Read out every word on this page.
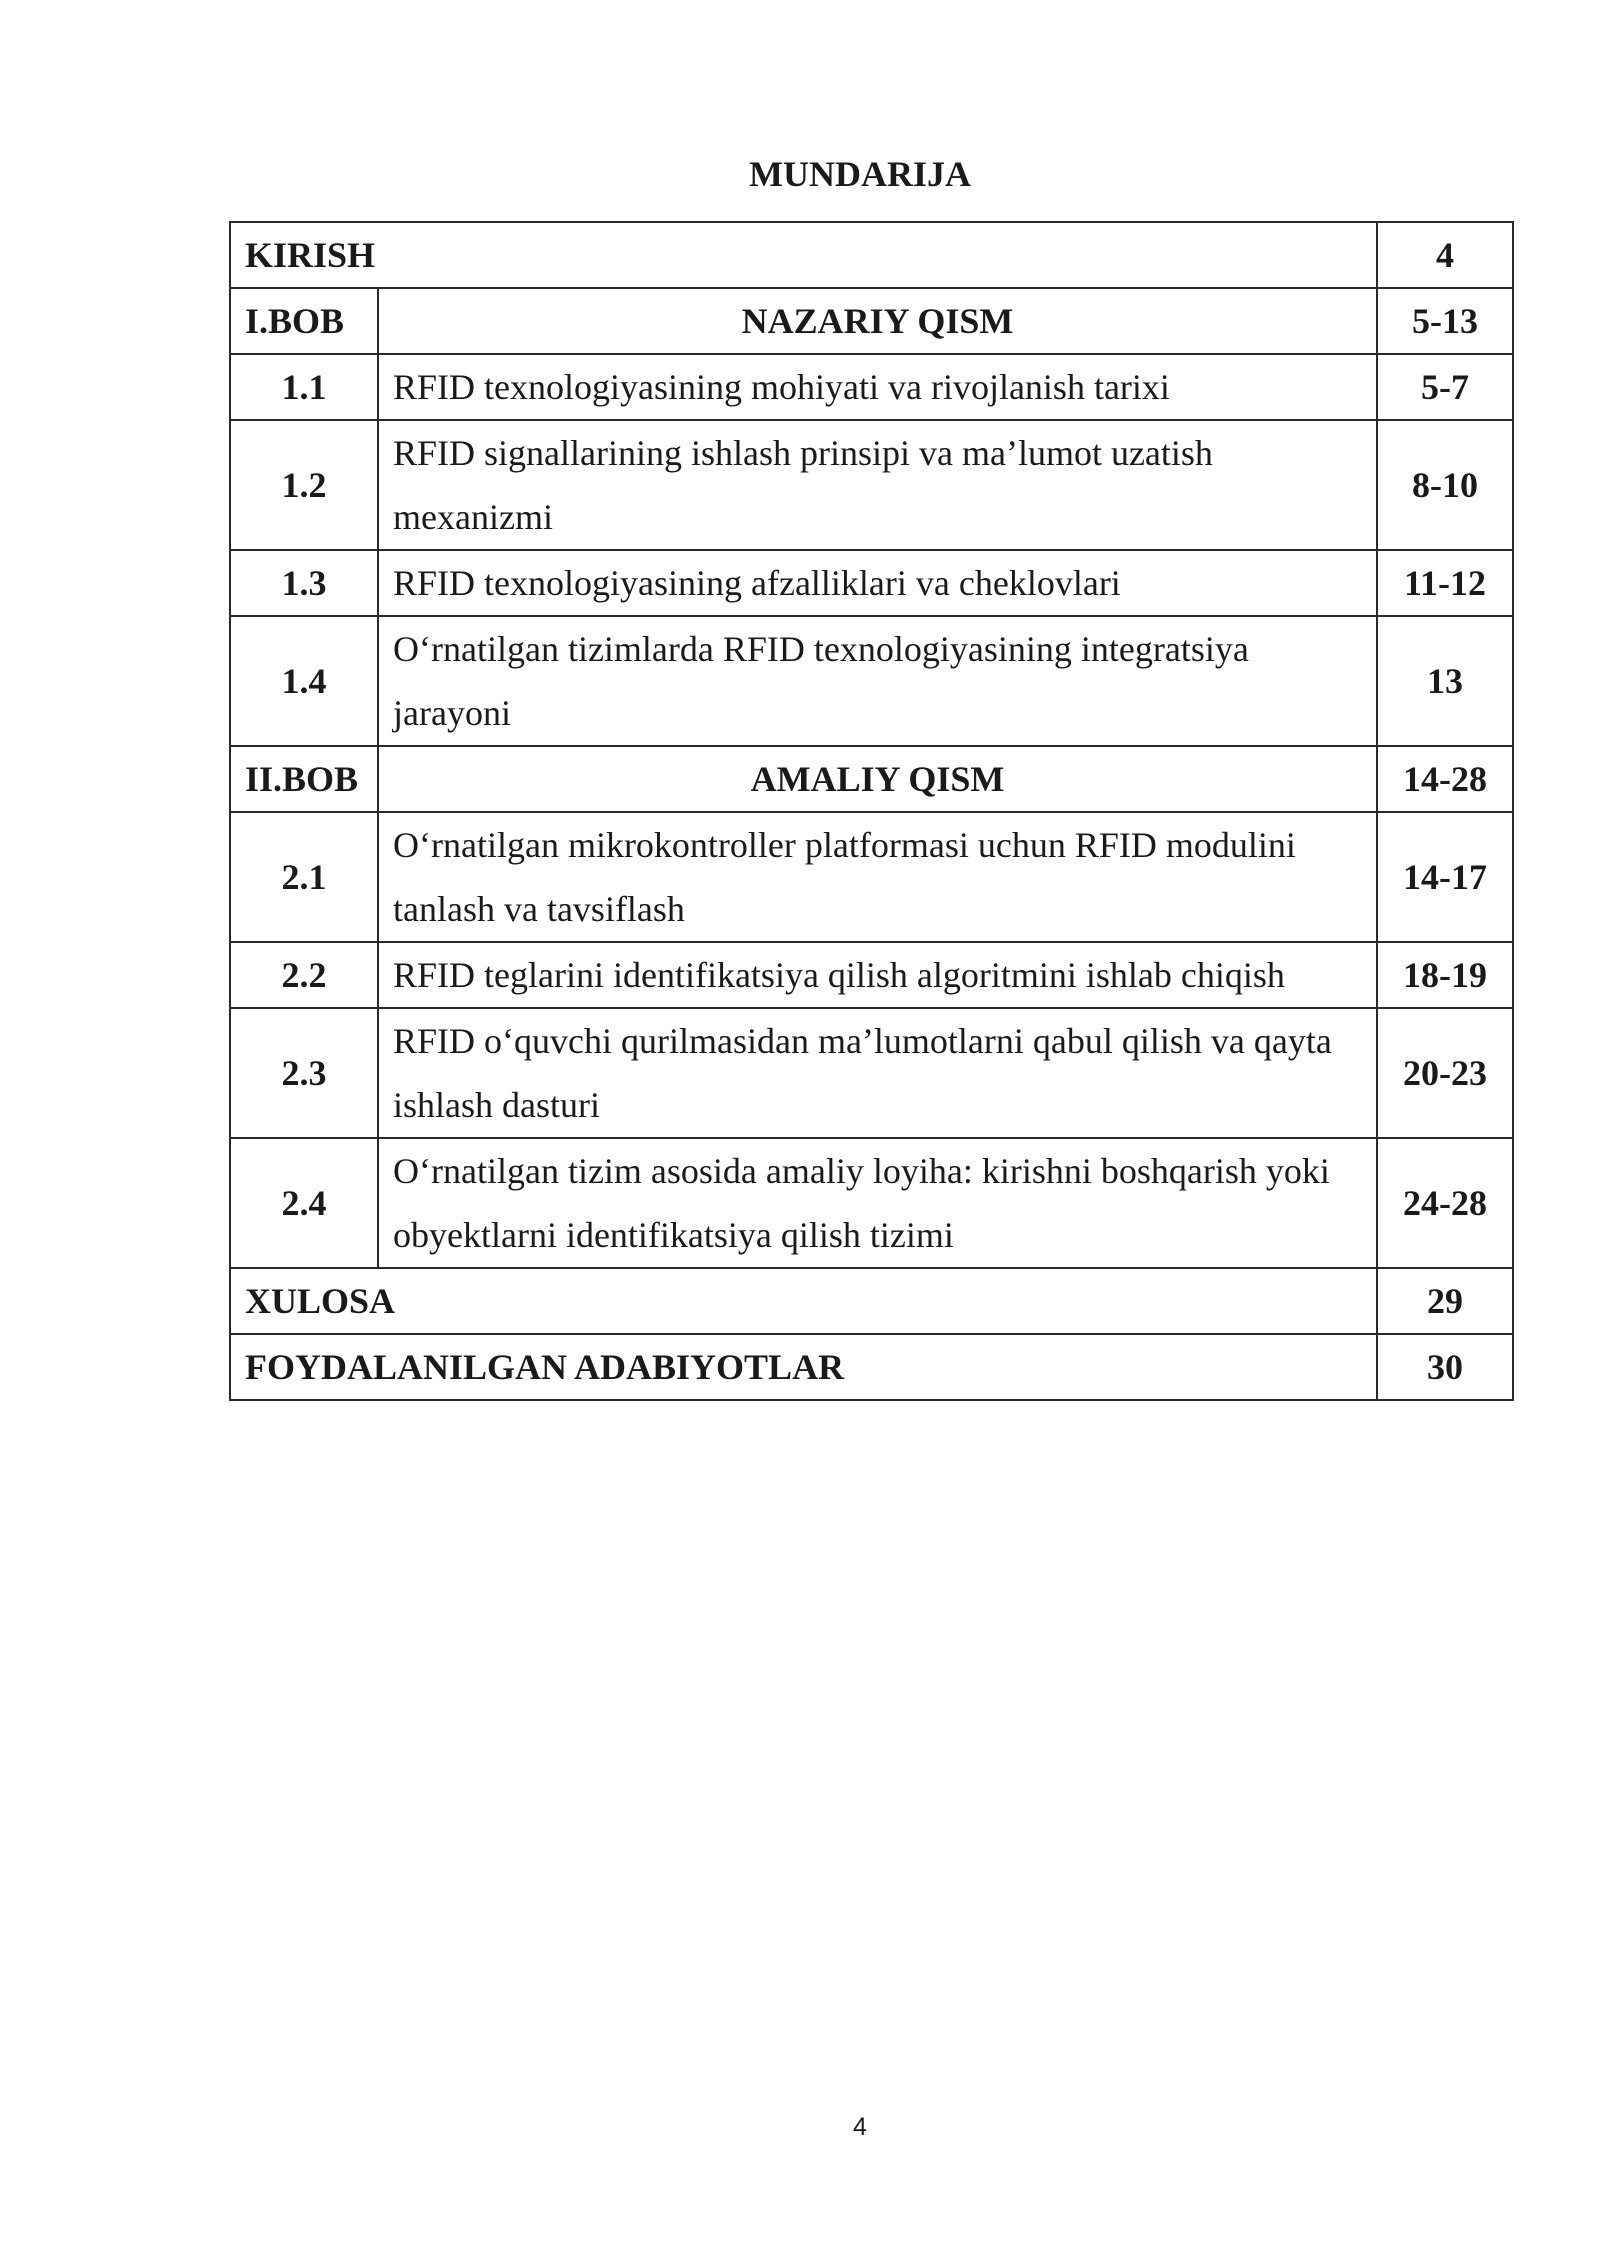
MUNDARIJA
KIRISH		4
I.BOB	NAZARIY QISM	5-13
1.1	RFID texnologiyasining mohiyati va rivojlanish tarixi	5-7
1.2	RFID signallarining ishlash prinsipi va ma’lumot uzatish mexanizmi	8-10
1.3	RFID texnologiyasining afzalliklari va cheklovlari	11-12
1.4	O‘rnatilgan tizimlarda RFID texnologiyasining integratsiya jarayoni	13
II.BOB	AMALIY QISM	14-28
2.1	O‘rnatilgan mikrokontroller platformasi uchun RFID modulini tanlash va tavsiflash	14-17
2.2	RFID teglarini identifikatsiya qilish algoritmini ishlab chiqish	18-19
2.3	RFID o‘quvchi qurilmasidan ma’lumotlarni qabul qilish va qayta ishlash dasturi	20-23
2.4	O‘rnatilgan tizim asosida amaliy loyiha: kirishni boshqarish yoki obyektlarni identifikatsiya qilish tizimi	24-28
XULOSA		29
FOYDALANILGAN ADABIYOTLAR		30
4
